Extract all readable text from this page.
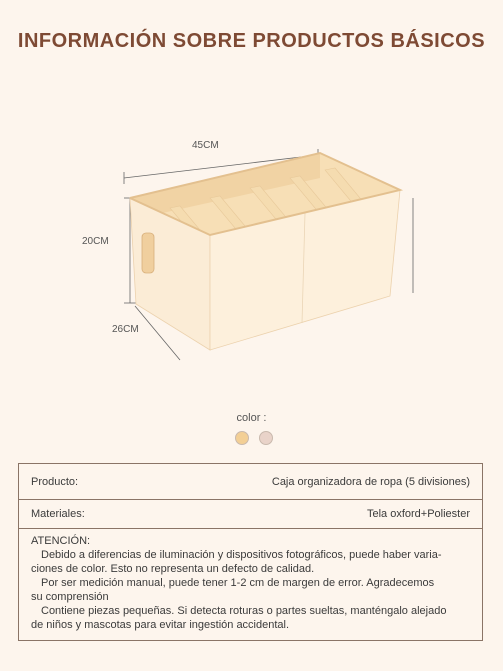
INFORMACIÓN SOBRE PRODUCTOS BÁSICOS
45CM
20CM
26CM
color :
Producto:	Caja organizadora de ropa (5 divisiones)
Materiales:	Tela oxford+Poliester

ATENCIÓN:

Debido a diferencias de iluminación y dispositivos fotográficos, puede haber varia-

ciones de color. Esto no representa un defecto de calidad.

Por ser medición manual, puede tener 1-2 cm de margen de error. Agradecemos

su comprensión

Contiene piezas pequeñas. Si detecta roturas o partes sueltas, manténgalo alejado

de niños y mascotas para evitar ingestión accidental.
